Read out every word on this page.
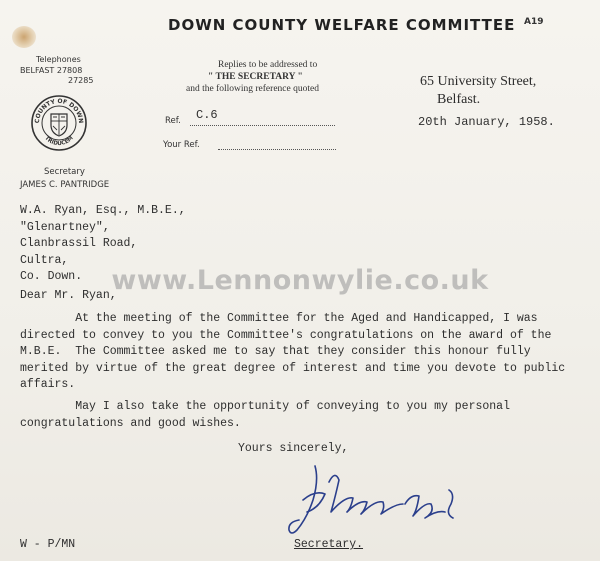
DOWN COUNTY WELFARE COMMITTEE A19
Telephones
BELFAST 27808
27285
Replies to be addressed to
" THE SECRETARY "
and the following reference quoted	65 University Street,
Belfast.
Ref. C.6	20th January, 1958.
Your Ref.
COUNTY OF DOWN
TRIDUCEM
Secretary
JAMES C. PANTRIDGE

W.A. Ryan, Esq., M.B.E.,

"Glenartney",

Clanbrassil Road,

Cultra,

Co. Down.

Dear Mr. Ryan,

At the meeting of the Committee for the Aged and Handicapped, I was

directed to convey to you the Committee's congratulations on the award of the

M.B.E.  The Committee asked me to say that they consider this honour fully

merited by virtue of the great degree of interest and time you devote to public

affairs.

May I also take the opportunity of conveying to you my personal

congratulations and good wishes.

Yours sincerely,
Secretary.
W - P/MN
www.Lennonwylie.co.uk
